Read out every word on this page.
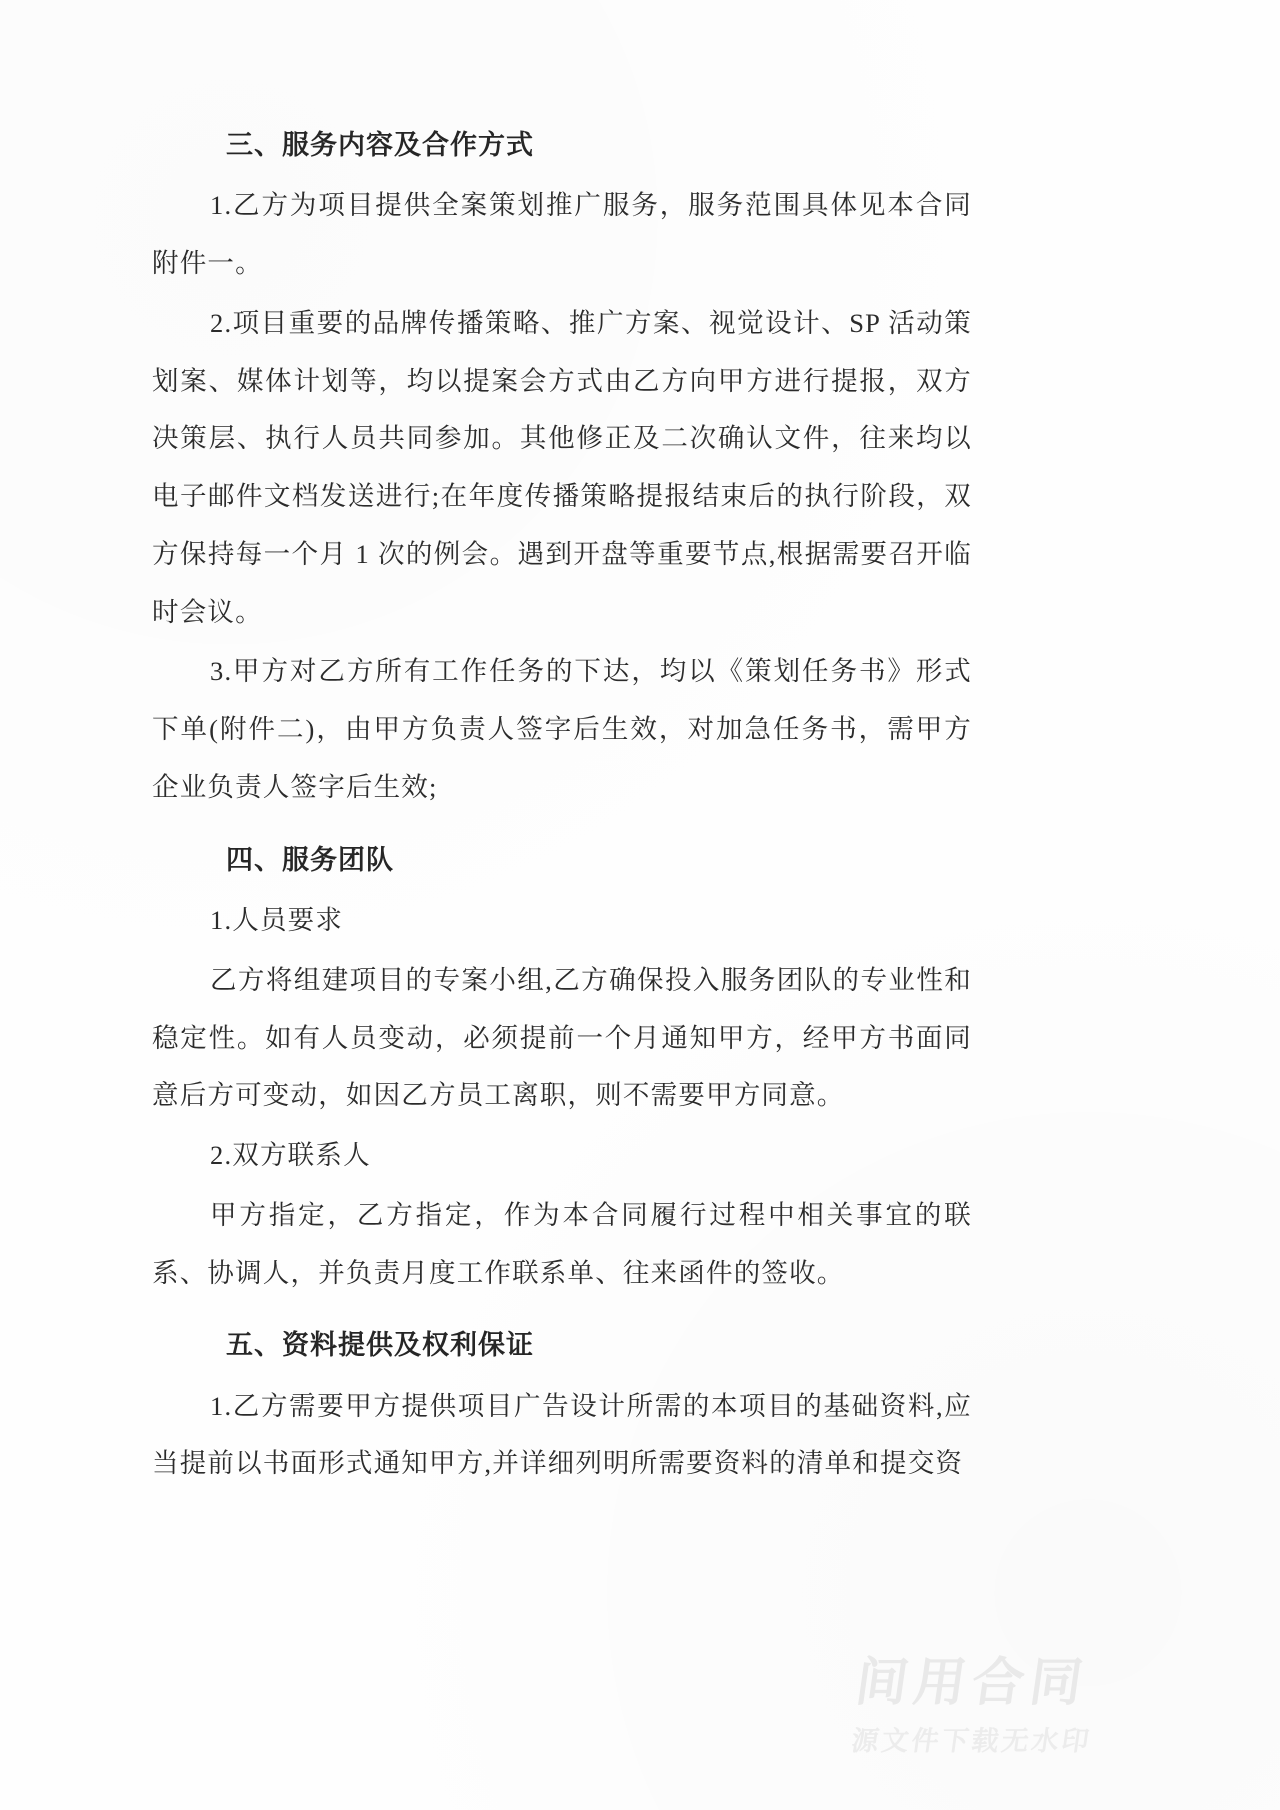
三、服务内容及合作方式

1.乙方为项目提供全案策划推广服务，服务范围具体见本合同附件一。

2.项目重要的品牌传播策略、推广方案、视觉设计、SP 活动策划案、媒体计划等，均以提案会方式由乙方向甲方进行提报，双方决策层、执行人员共同参加。其他修正及二次确认文件，往来均以电子邮件文档发送进行;在年度传播策略提报结束后的执行阶段，双方保持每一个月 1 次的例会。遇到开盘等重要节点,根据需要召开临时会议。

3.甲方对乙方所有工作任务的下达，均以《策划任务书》形式下单(附件二)，由甲方负责人签字后生效，对加急任务书，需甲方企业负责人签字后生效;

四、服务团队

1.人员要求

乙方将组建项目的专案小组,乙方确保投入服务团队的专业性和稳定性。如有人员变动，必须提前一个月通知甲方，经甲方书面同意后方可变动，如因乙方员工离职，则不需要甲方同意。

2.双方联系人

甲方指定，乙方指定，作为本合同履行过程中相关事宜的联系、协调人，并负责月度工作联系单、往来函件的签收。

五、资料提供及权利保证

1.乙方需要甲方提供项目广告设计所需的本项目的基础资料,应当提前以书面形式通知甲方,并详细列明所需要资料的清单和提交资

间用合同
源文件下载无水印
